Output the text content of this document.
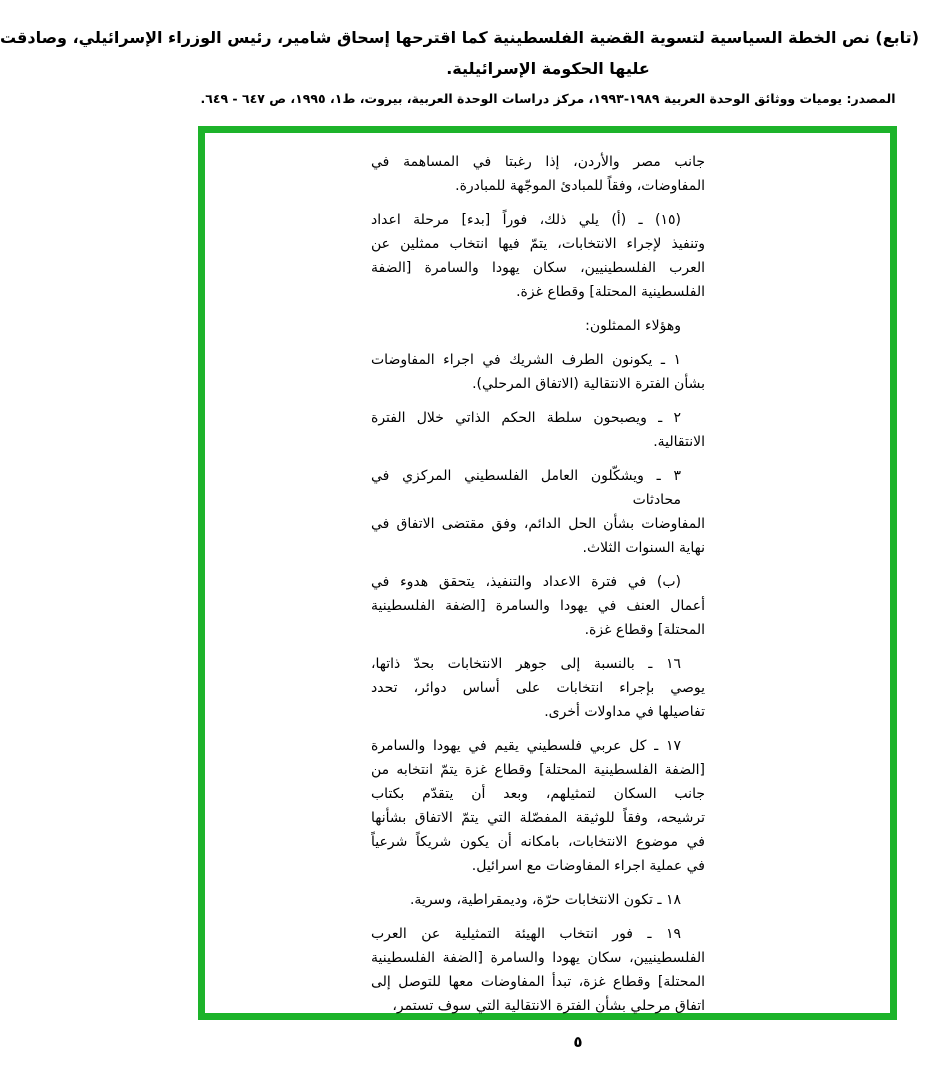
(تابع) نص الخطة السياسية لتسوية القضية الفلسطينية كما اقترحها إسحاق شامير، رئيس الوزراء الإسرائيلي، وصادقت
عليها الحكومة الإسرائيلية.
المصدر: يوميات ووثائق الوحدة العربية ١٩٨٩-١٩٩٣، مركز دراسات الوحدة العربية، بيروت، ط١، ١٩٩٥، ص ٦٤٧ - ٦٤٩.
جانب مصر والأردن، إذا رغبتا في المساهمة في
المفاوضات، وفقاً للمبادئ الموجّهة للمبادرة.
(١٥) ـ (أ) يلي ذلك، فوراً [بدء] مرحلة اعداد
وتنفيذ لإجراء الانتخابات، يتمّ فيها انتخاب ممثلين عن
العرب الفلسطينيين، سكان يهودا والسامرة [الضفة
الفلسطينية المحتلة] وقطاع غزة.
وهؤلاء الممثلون:
١ ـ يكونون الطرف الشريك في اجراء المفاوضات
بشأن الفترة الانتقالية (الاتفاق المرحلي).
٢ ـ ويصبحون سلطة الحكم الذاتي خلال الفترة
الانتقالية.
٣ ـ ويشكّلون العامل الفلسطيني المركزي في محادثات
المفاوضات بشأن الحل الدائم، وفق مقتضى الاتفاق في
نهاية السنوات الثلاث.
(ب) في فترة الاعداد والتنفيذ، يتحقق هدوء في
أعمال العنف في يهودا والسامرة [الضفة الفلسطينية
المحتلة] وقطاع غزة.
١٦ ـ بالنسبة إلى جوهر الانتخابات بحدّ ذاتها،
يوصي بإجراء انتخابات على أساس دوائر، تحدد
تفاصيلها في مداولات أخرى.
١٧ ـ كل عربي فلسطيني يقيم في يهودا والسامرة
[الضفة الفلسطينية المحتلة] وقطاع غزة يتمّ انتخابه من
جانب السكان لتمثيلهم، وبعد أن يتقدّم بكتاب
ترشيحه، وفقاً للوثيقة المفصّلة التي يتمّ الاتفاق بشأنها
في موضوع الانتخابات، بامكانه أن يكون شريكاً شرعياً
في عملية اجراء المفاوضات مع اسرائيل.
١٨ ـ تكون الانتخابات حرّة، وديمقراطية، وسرية.
١٩ ـ فور انتخاب الهيئة التمثيلية عن العرب
الفلسطينيين، سكان يهودا والسامرة [الضفة الفلسطينية
المحتلة] وقطاع غزة، تبدأ المفاوضات معها للتوصل إلى
اتفاق مرحلي بشأن الفترة الانتقالية التي سوف تستمر،
٥
